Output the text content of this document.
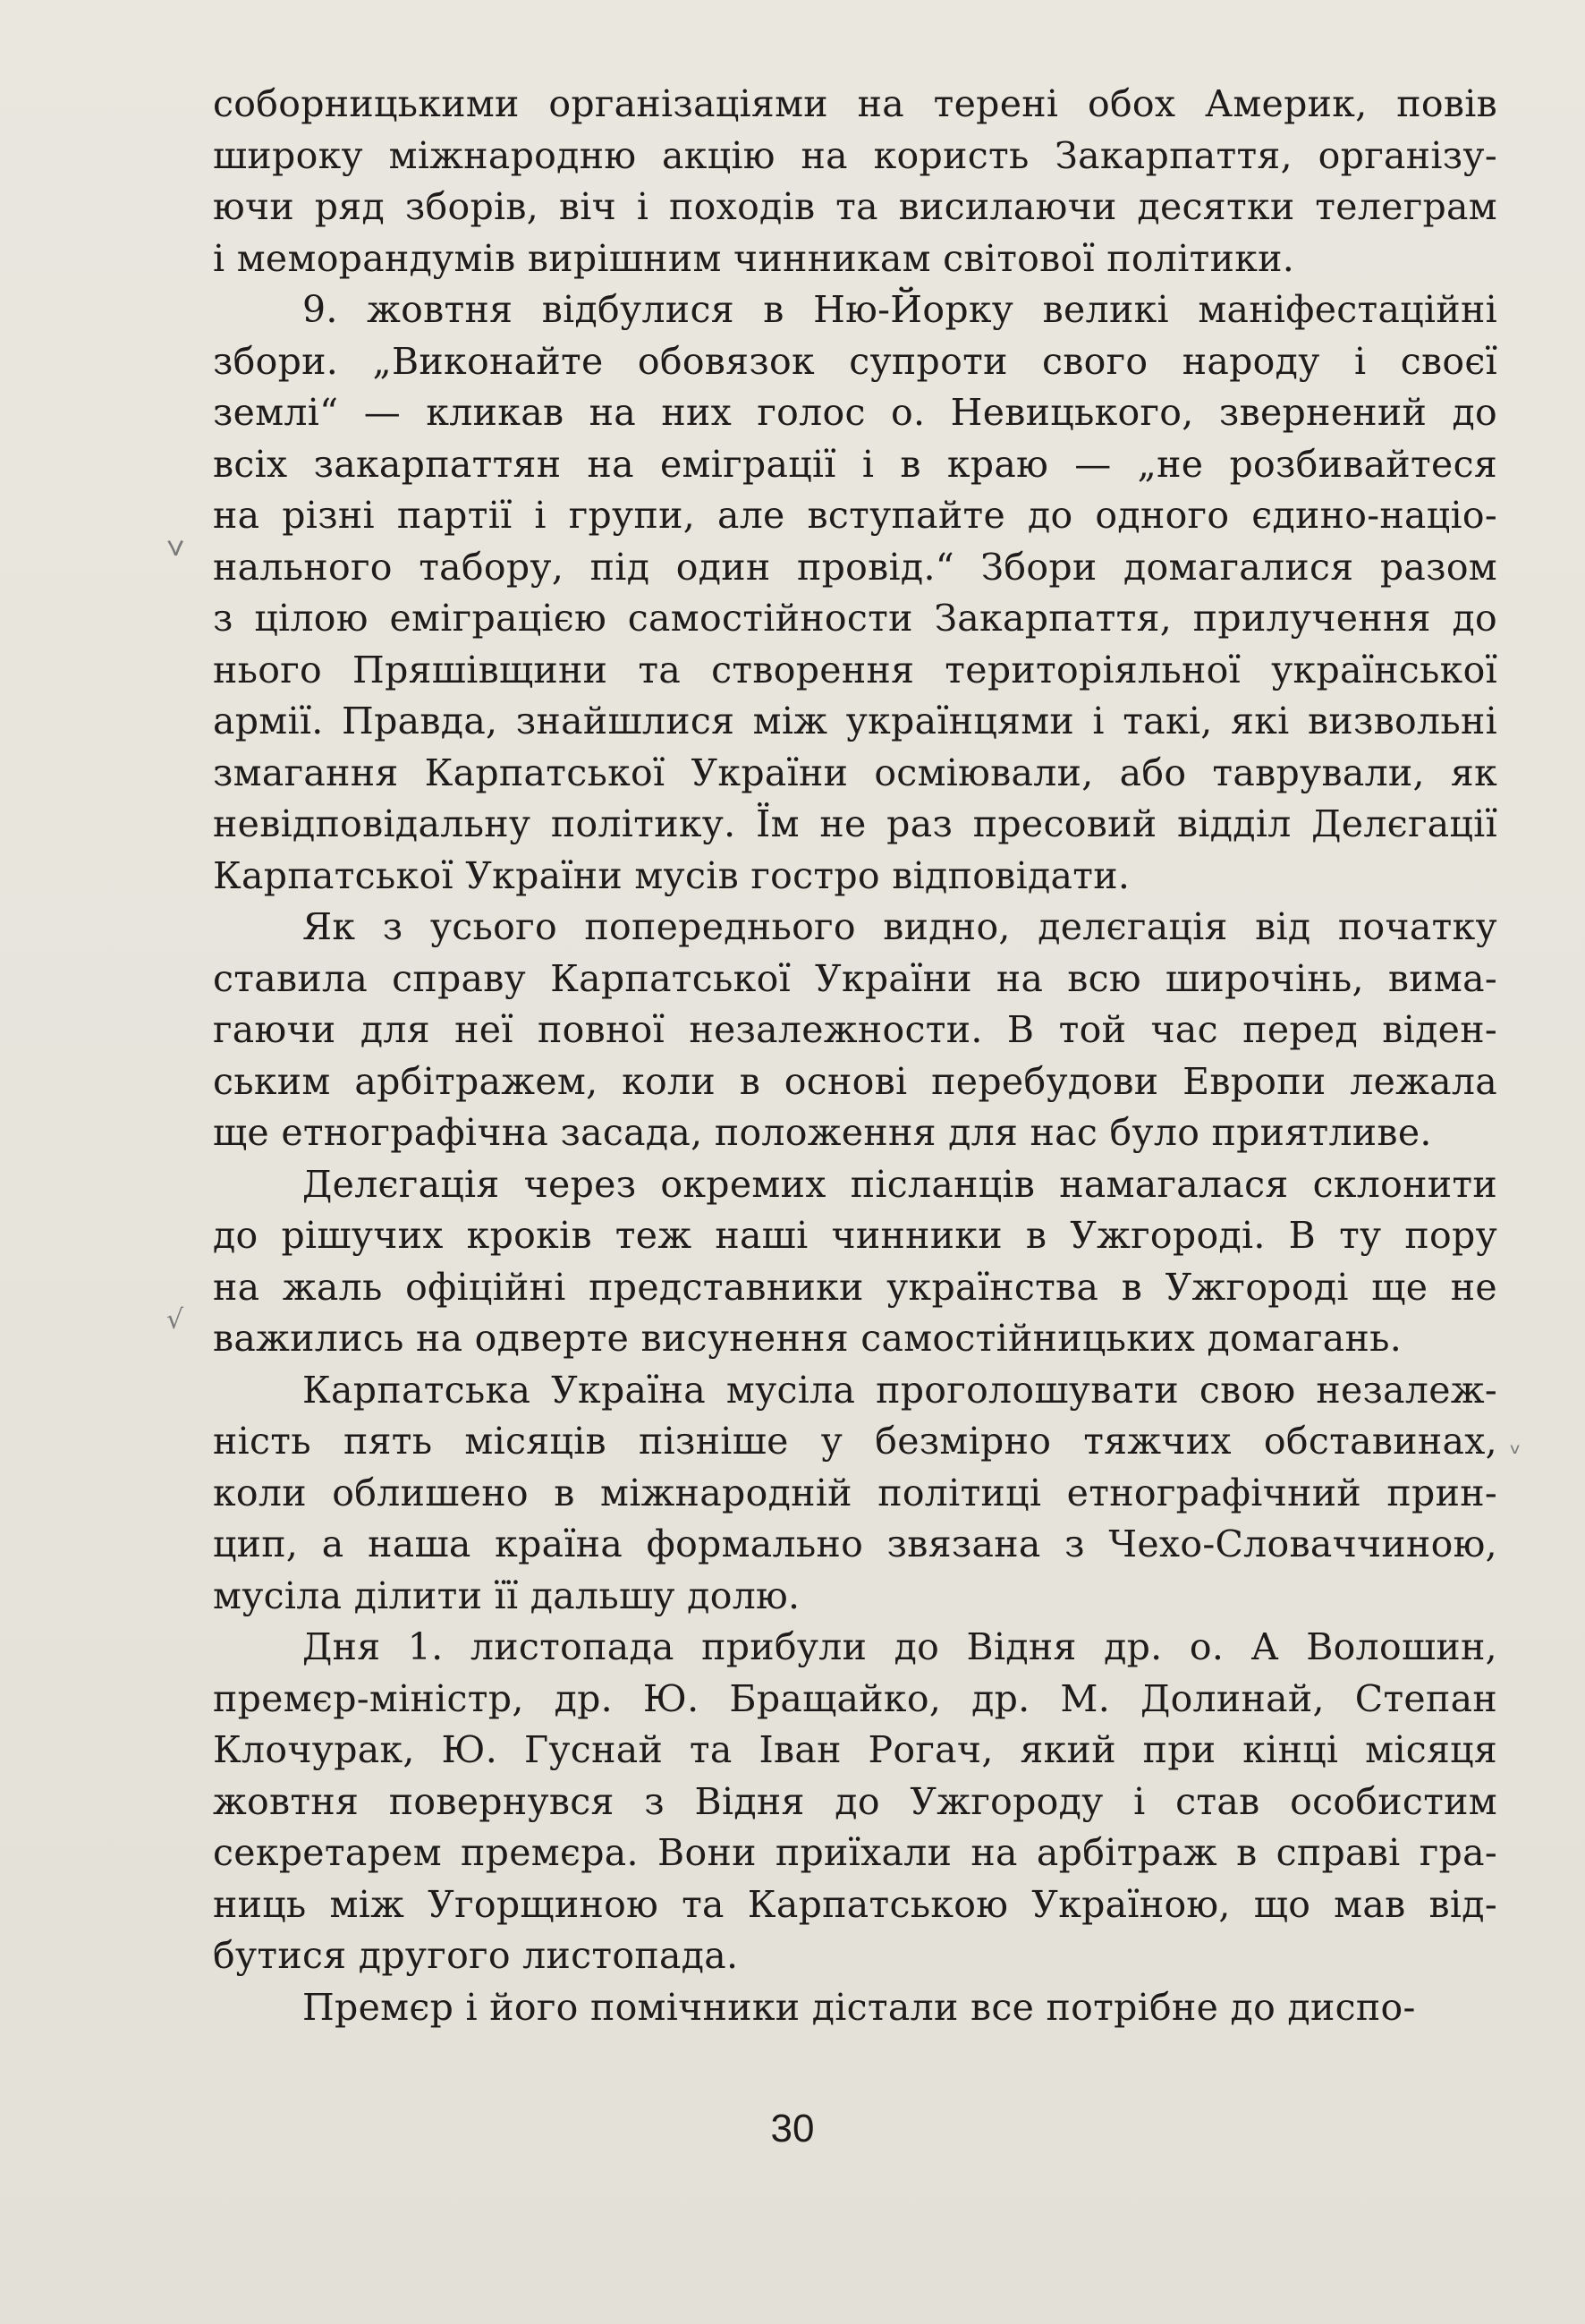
соборницькими організаціями на терені обох Америк, повів
широку міжнародню акцію на користь Закарпаття, організу-
ючи ряд зборів, віч і походів та висилаючи десятки телеграм
і меморандумів вирішним чинникам світової політики.
9. жовтня відбулися в Ню-Йорку великі маніфестаційні
збори. „Виконайте обовязок супроти свого народу і своєї
землі“ — кликав на них голос о. Невицького, звернений до
всіх закарпаттян на еміграції і в краю — „не розбивайтеся
на різні партії і групи, але вступайте до одного єдино-націо-
нального табору, під один провід.“ Збори домагалися разом
з цілою еміграцією самостійности Закарпаття, прилучення до
нього Пряшівщини та створення територіяльної української
армії. Правда, знайшлися між українцями і такі, які визвольні
змагання Карпатської України осміювали, або таврували, як
невідповідальну політику. Їм не раз пресовий відділ Делєгації
Карпатської України мусів гостро відповідати.
Як з усього попереднього видно, делєгація від початку
ставила справу Карпатської України на всю широчінь, вима-
гаючи для неї повної незалежности. В той час перед віден-
ським арбітражем, коли в основі перебудови Европи лежала
ще етнографічна засада, положення для нас було приятливе.
Делєгація через окремих післанців намагалася склонити
до рішучих кроків теж наші чинники в Ужгороді. В ту пору
на жаль офіційні представники українства в Ужгороді ще не
важились на одверте висунення самостійницьких домагань.
Карпатська Україна мусіла проголошувати свою незалеж-
ність пять місяців пізніше у безмірно тяжчих обставинах,
коли облишено в міжнародній політиці етнографічний прин-
цип, а наша країна формально звязана з Чехо-Словаччиною,
мусіла ділити її дальшу долю.
Дня 1. листопада прибули до Відня др. о. А Волошин,
премєр-міністр, др. Ю. Бращайко, др. М. Долинай, Степан
Клочурак, Ю. Гуснай та Іван Рогач, який при кінці місяця
жовтня повернувся з Відня до Ужгороду і став особистим
секретарем премєра. Вони приїхали на арбітраж в справі гра-
ниць між Угорщиною та Карпатською Україною, що мав від-
бутися другого листопада.
Премєр і його помічники дістали все потрібне до диспо-
30
ݍ
√
ᵥ
